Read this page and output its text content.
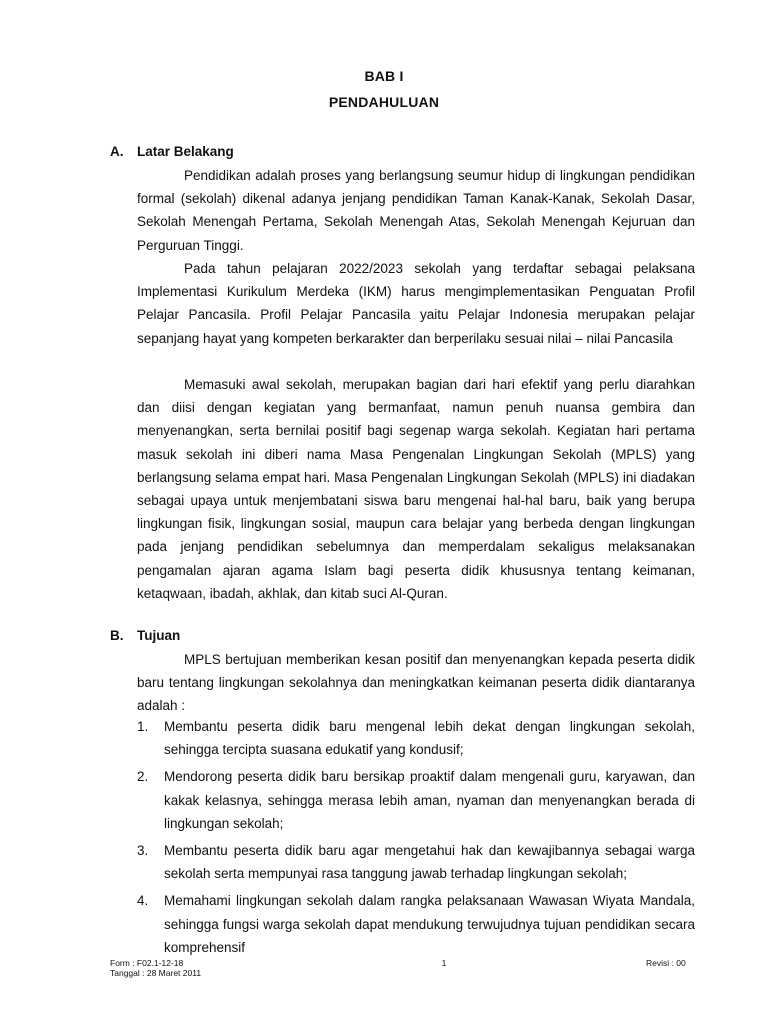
BAB I
PENDAHULUAN
A. Latar Belakang

Pendidikan adalah proses yang berlangsung seumur hidup di lingkungan pendidikan formal (sekolah) dikenal adanya jenjang pendidikan Taman Kanak-Kanak, Sekolah Dasar, Sekolah Menengah Pertama, Sekolah Menengah Atas, Sekolah Menengah Kejuruan dan Perguruan Tinggi.

Pada tahun pelajaran 2022/2023 sekolah yang terdaftar sebagai pelaksana Implementasi Kurikulum Merdeka (IKM) harus mengimplementasikan Penguatan Profil Pelajar Pancasila. Profil Pelajar Pancasila yaitu Pelajar Indonesia merupakan pelajar sepanjang hayat yang kompeten berkarakter dan berperilaku sesuai nilai – nilai Pancasila

Memasuki awal sekolah, merupakan bagian dari hari efektif yang perlu diarahkan dan diisi dengan kegiatan yang bermanfaat, namun penuh nuansa gembira dan menyenangkan, serta bernilai positif bagi segenap warga sekolah. Kegiatan hari pertama masuk sekolah ini diberi nama Masa Pengenalan Lingkungan Sekolah (MPLS) yang berlangsung selama empat hari. Masa Pengenalan Lingkungan Sekolah (MPLS) ini diadakan sebagai upaya untuk menjembatani siswa baru mengenai hal-hal baru, baik yang berupa lingkungan fisik, lingkungan sosial, maupun cara belajar yang berbeda dengan lingkungan pada jenjang pendidikan sebelumnya dan memperdalam sekaligus melaksanakan pengamalan ajaran agama Islam bagi peserta didik khususnya tentang keimanan, ketaqwaan, ibadah, akhlak, dan kitab suci Al-Quran.

B. Tujuan

MPLS bertujuan memberikan kesan positif dan menyenangkan kepada peserta didik baru tentang lingkungan sekolahnya dan meningkatkan keimanan peserta didik diantaranya adalah :

1. Membantu peserta didik baru mengenal lebih dekat dengan lingkungan sekolah, sehingga tercipta suasana edukatif yang kondusif;
2. Mendorong peserta didik baru bersikap proaktif dalam mengenali guru, karyawan, dan kakak kelasnya, sehingga merasa lebih aman, nyaman dan menyenangkan berada di lingkungan sekolah;
3. Membantu peserta didik baru agar mengetahui hak dan kewajibannya sebagai warga sekolah serta mempunyai rasa tanggung jawab terhadap lingkungan sekolah;
4. Memahami lingkungan sekolah dalam rangka pelaksanaan Wawasan Wiyata Mandala, sehingga fungsi warga sekolah dapat mendukung terwujudnya tujuan pendidikan secara komprehensif
Form : F02.1-12-18
Tanggal : 28 Maret 2011
1	Revisi : 00
